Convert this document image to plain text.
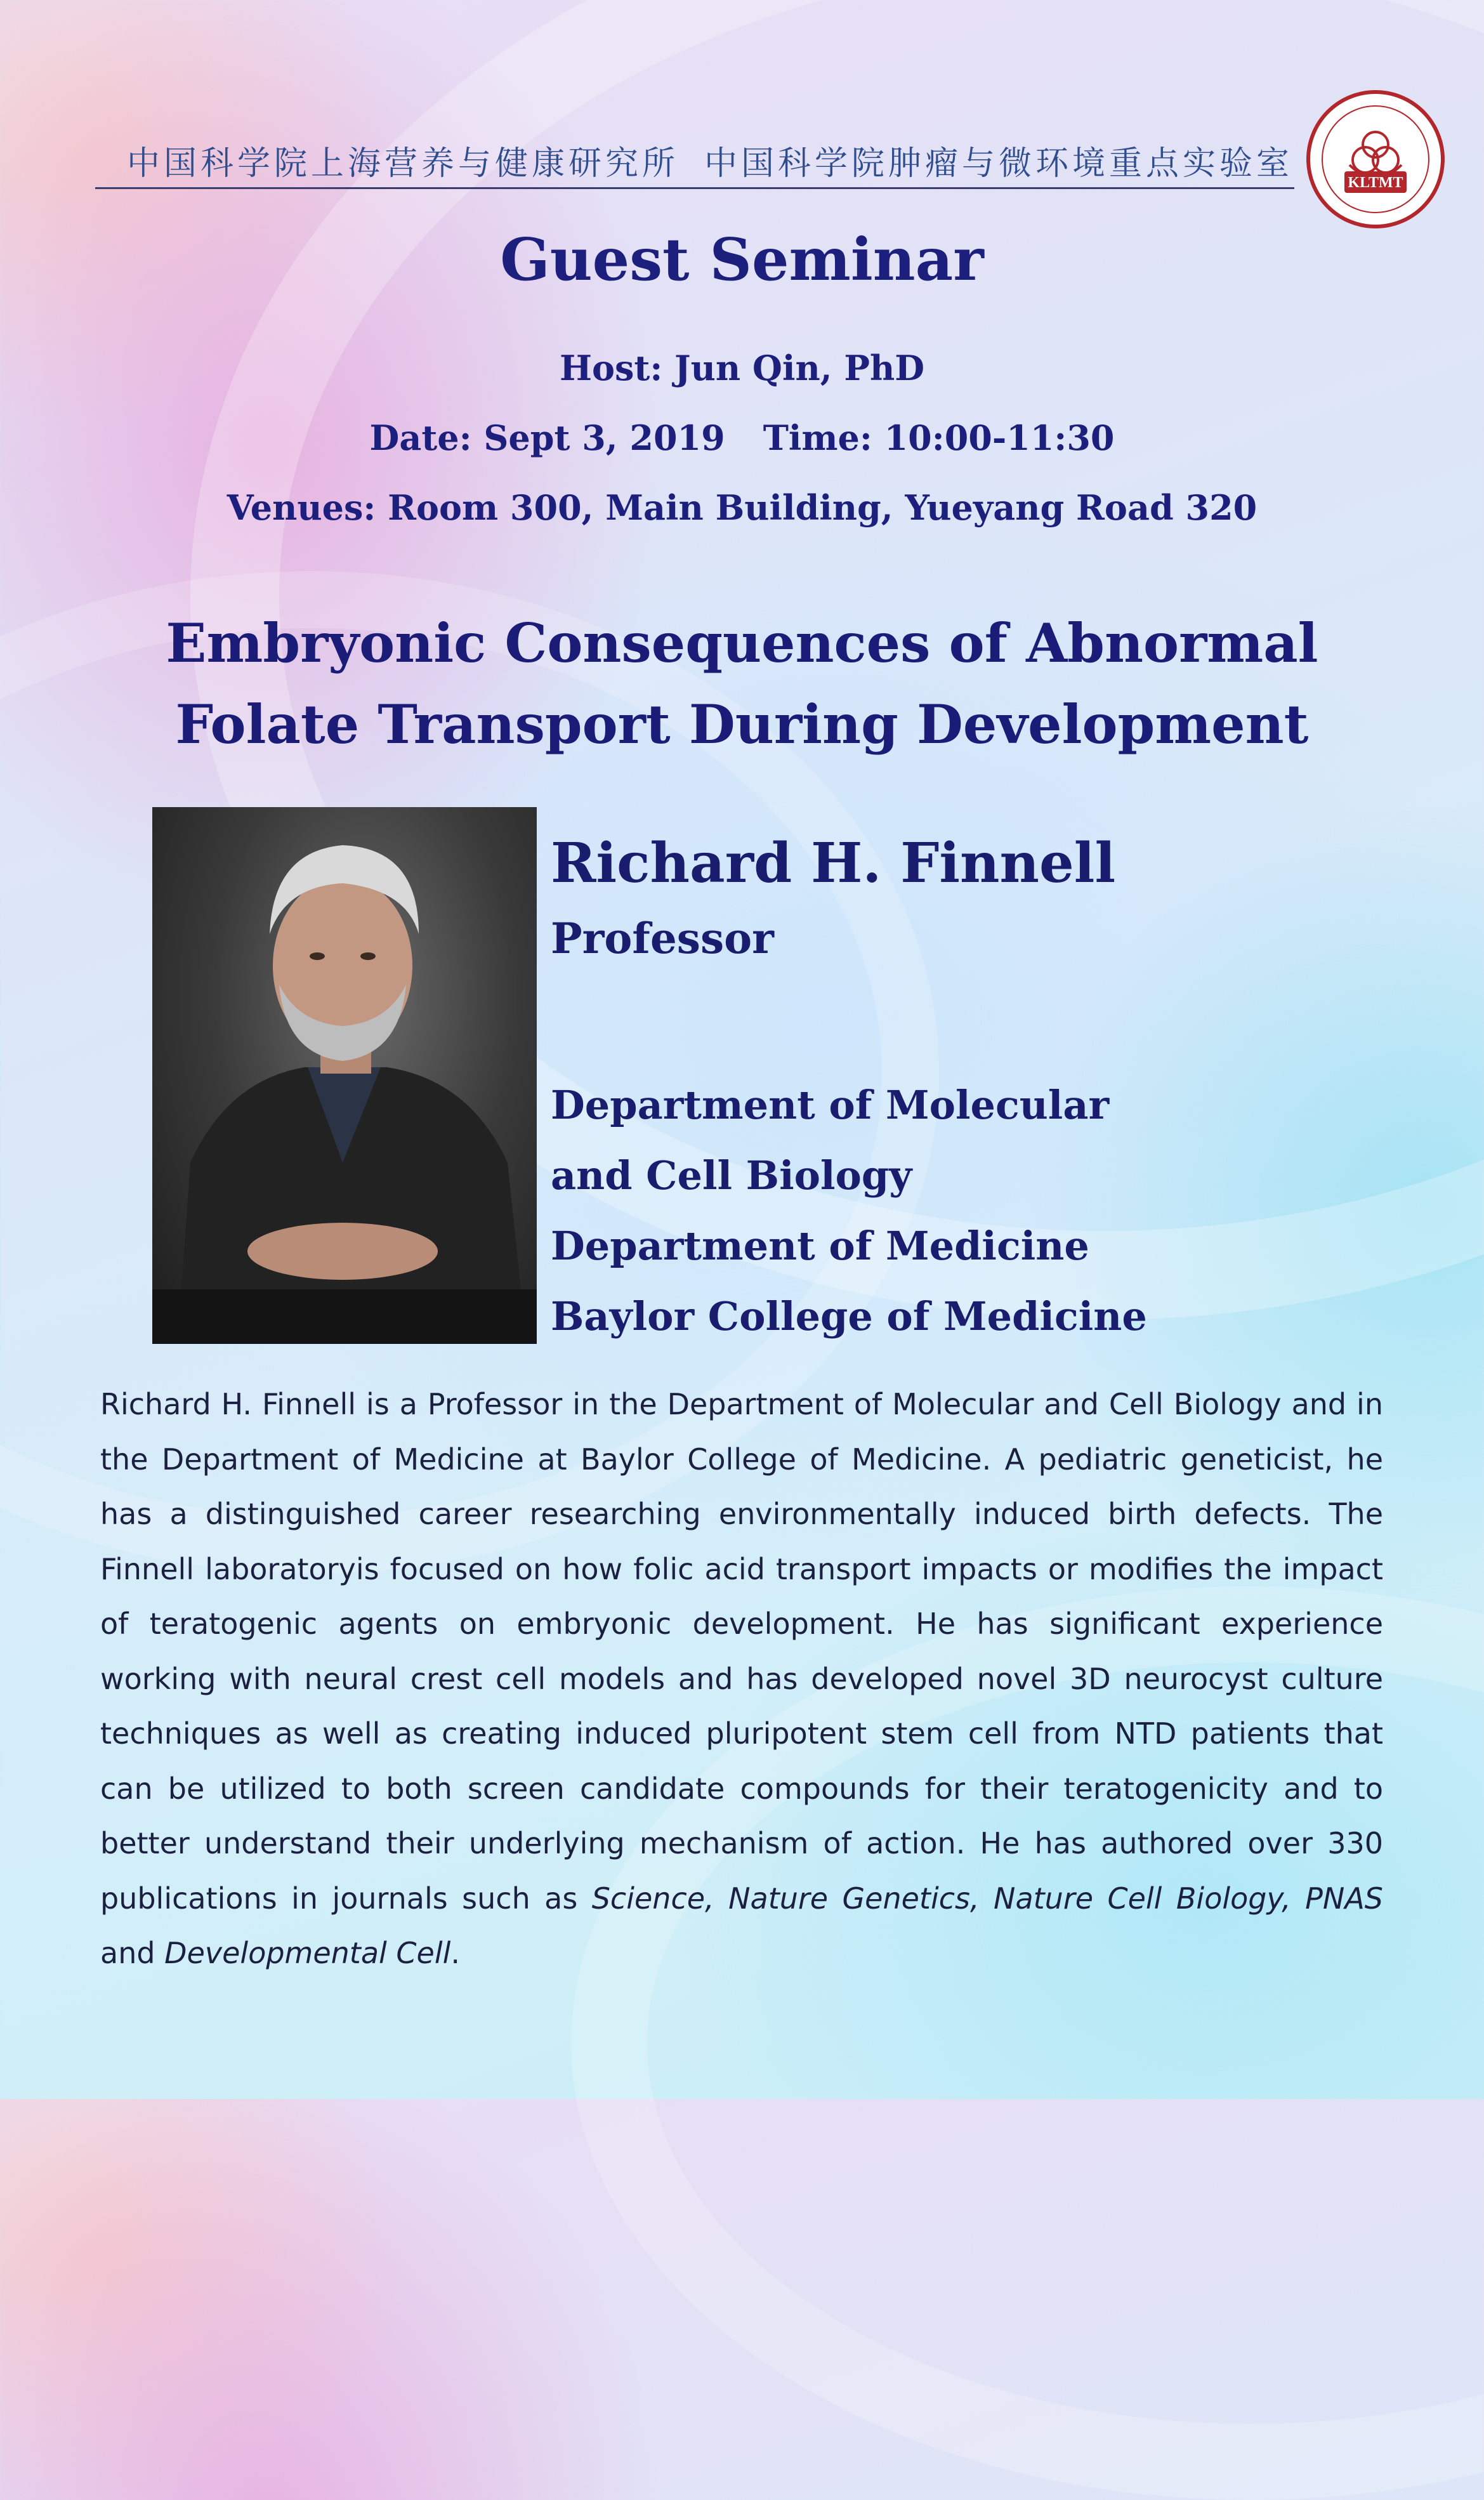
中国科学院上海营养与健康研究所 中国科学院肿瘤与微环境重点实验室	KLTMT
Guest Seminar
Host: Jun Qin, PhD
Date: Sept 3, 2019 Time: 10:00-11:30
Venues: Room 300, Main Building, Yueyang Road 320
Embryonic Consequences of Abnormal
Folate Transport During Development
Richard H. Finnell
Professor
Department of Molecular
and Cell Biology
Department of Medicine
Baylor College of Medicine

Richard H. Finnell is a Professor in the Department of Molecular and Cell Biology and in the Department of Medicine at Baylor College of Medicine. A pediatric geneticist, he has a distinguished career researching environmentally induced birth defects. The Finnell laboratoryis focused on how folic acid transport impacts or modifies the impact of teratogenic agents on embryonic development. He has significant experience working with neural crest cell models and has developed novel 3D neurocyst culture techniques as well as creating induced pluripotent stem cell from NTD patients that can be utilized to both screen candidate compounds for their teratogenicity and to better understand their underlying mechanism of action. He has authored over 330 publications in journals such as Science, Nature Genetics, Nature Cell Biology, PNAS and Developmental Cell.
